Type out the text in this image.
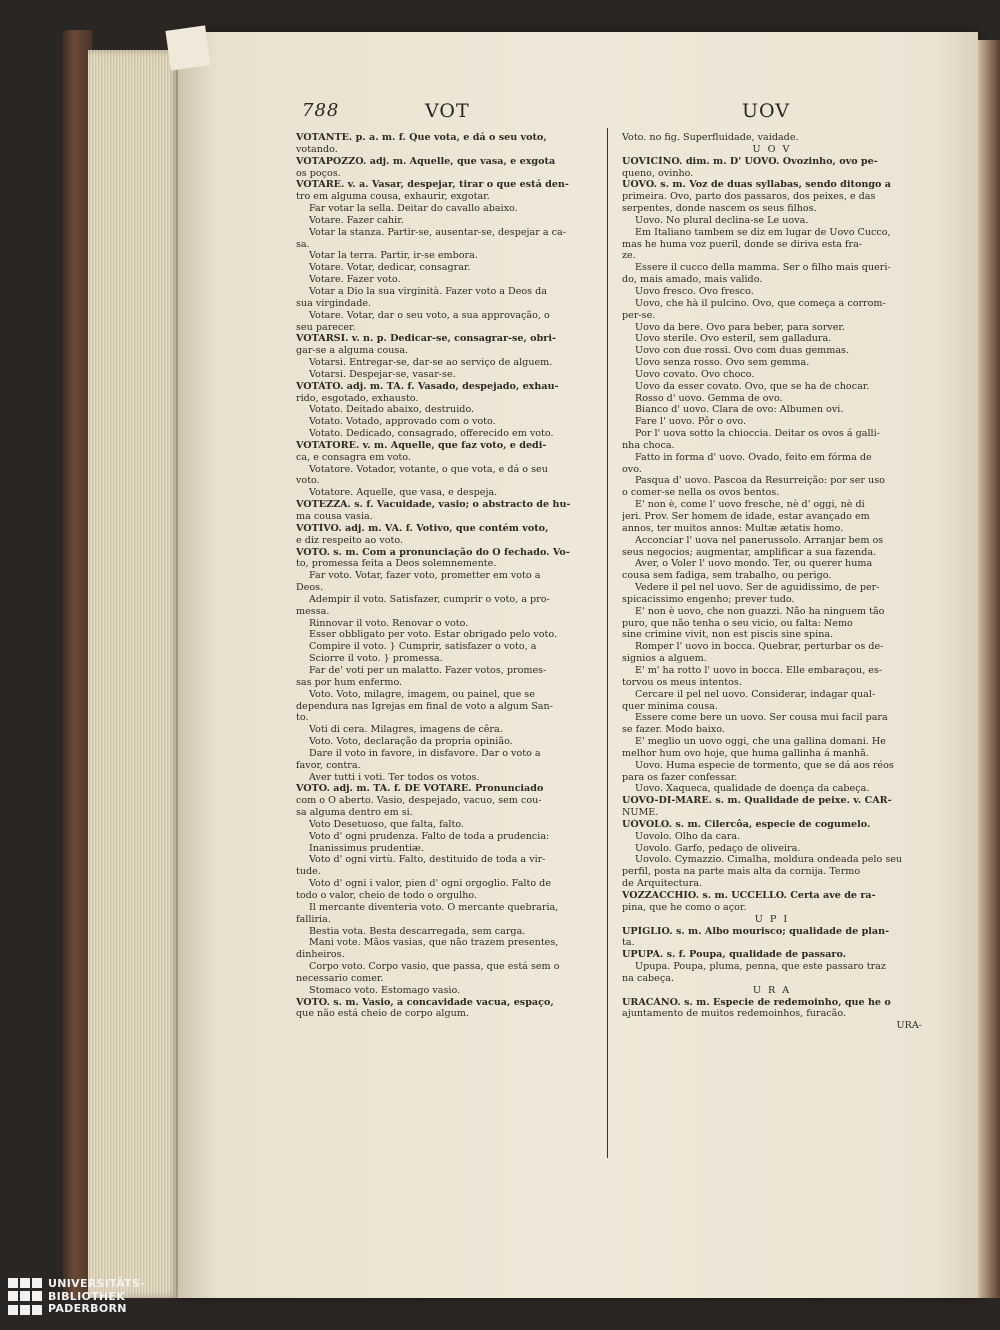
788	VOT	UOV
VOTANTE. p. a. m. f. Que vota, e dá o seu voto,
votando.
VOTAPOZZO. adj. m. Aquelle, que vasa, e exgota
os poços.
VOTARE. v. a. Vasar, despejar, tirar o que está den-
tro em alguma cousa, exhaurir, exgotar.
Far votar la sella. Deitar do cavallo abaixo.
Votare. Fazer cahir.
Votar la stanza. Partir-se, ausentar-se, despejar a ca-
sa.
Votar la terra. Partir, ir-se embora.
Votare. Votar, dedicar, consagrar.
Votare. Fazer voto.
Votar a Dio la sua virginità. Fazer voto a Deos da
sua virgindade.
Votare. Votar, dar o seu voto, a sua approvação, o
seu parecer.
VOTARSI. v. n. p. Dedicar-se, consagrar-se, obri-
gar-se a alguma cousa.
Votarsi. Entregar-se, dar-se ao serviço de alguem.
Votarsi. Despejar-se, vasar-se.
VOTÀTO. adj. m. TA. f. Vasado, despejado, exhau-
rido, esgotado, exhausto.
Votato. Deitado abaixo, destruido.
Votato. Votado, approvado com o voto.
Votato. Dedicado, consagrado, offerecido em voto.
VOTATORE. v. m. Aquelle, que faz voto, e dedi-
ca, e consagra em voto.
Votatore. Votador, votante, o que vota, e dá o seu
voto.
Votatore. Aquelle, que vasa, e despeja.
VOTEZZA. s. f. Vacuidade, vasio; o abstracto de hu-
ma cousa vasia.
VOTÌVO. adj. m. VA. f. Votivo, que contém voto,
e diz respeito ao voto.
VOTO. s. m. Com a pronunciação do O fechado. Vo-
to, promessa feita a Deos solemnemente.
Far voto. Votar, fazer voto, prometter em voto a
Deos.
Adempir il voto. Satisfazer, cumprir o voto, a pro-
messa.
Rinnovar il voto. Renovar o voto.
Esser obbligato per voto. Estar obrigado pelo voto.
Compire il voto. } Cumprir, satisfazer o voto, a
Sciorre il voto. } promessa.
Far de' voti per un malatto. Fazer votos, promes-
sas por hum enfermo.
Voto. Voto, milagre, imagem, ou painel, que se
dependura nas Igrejas em final de voto a algum San-
to.
Voti di cera. Milagres, imagens de cêra.
Voto. Voto, declaração da propria opinião.
Dare il voto in favore, in disfavore. Dar o voto a
favor, contra.
Aver tutti i voti. Ter todos os votos.
VOTO. adj. m. TA. f. DE VOTARE. Pronunciado
com o O aberto. Vasio, despejado, vacuo, sem cou-
sa alguma dentro em si.
Voto Desetuoso, que falta, falto.
Voto d' ogni prudenza. Falto de toda a prudencia:
Inanissimus prudentiæ.
Voto d' ogni virtù. Falto, destituido de toda a vir-
tude.
Voto d' ogni i valor, pien d' ogni orgoglio. Falto de
todo o valor, cheio de todo o orgulho.
Il mercante diventeria voto. O mercante quebraria,
falliria.
Bestia vota. Besta descarregada, sem carga.
Mani vote. Mãos vasias, que não trazem presentes,
dinheiros.
Corpo voto. Corpo vasio, que passa, que está sem o
necessario comer.
Stomaco voto. Estomago vasio.
VOTO. s. m. Vasio, a concavidade vacua, espaço,
que não está cheio de corpo algum.
Voto. no fig. Superfluidade, vaidade.
U O V
UOVICÌNO. dim. m. D' UOVO. Ovozinho, ovo pe-
queno, ovinho.
UOVO. s. m. Voz de duas syllabas, sendo ditongo a
primeira. Ovo, parto dos passaros, dos peixes, e das
serpentes, donde nascem os seus filhos.
Uovo. No plural declina-se Le uova.
Em Italiano tambem se diz em lugar de Uovo Cucco,
mas he huma voz pueril, donde se diriva esta fra-
ze.
Essere il cucco della mamma. Ser o filho mais queri-
do, mais amado, mais valido.
Uovo fresco. Ovo fresco.
Uovo, che hà il pulcino. Ovo, que começa a corrom-
per-se.
Uovo da bere. Ovo para beber, para sorver.
Uovo sterile. Ovo esteril, sem galladura.
Uovo con due rossi. Ovo com duas gemmas.
Uovo senza rosso. Ovo sem gemma.
Uovo covato. Ovo choco.
Uovo da esser covato. Ovo, que se ha de chocar.
Rosso d' uovo. Gemma de ovo.
Bianco d' uovo. Clara de ovo: Albumen ovi.
Fare l' uovo. Pôr o ovo.
Por l' uova sotto la chioccia. Deitar os ovos á galli-
nha choca.
Fatto in forma d' uovo. Ovado, feito em fórma de
ovo.
Pasqua d' uovo. Pascoa da Resurreição: por ser uso
o comer-se nella os ovos bentos.
E' non è, come l' uovo fresche, nè d' oggi, nè di
jeri. Prov. Ser homem de idade, estar avançado em
annos, ter muitos annos: Multæ ætatis homo.
Acconciar l' uova nel panerussolo. Arranjar bem os
seus negocios; augmentar, amplificar a sua fazenda.
Aver, o Voler l' uovo mondo. Ter, ou querer huma
cousa sem fadiga, sem trabalho, ou perigo.
Vedere il pel nel uovo. Ser de aguidissimo, de per-
spicacissimo engenho; prever tudo.
E' non è uovo, che non guazzi. Não ha ninguem tão
puro, que não tenha o seu vicio, ou falta: Nemo
sine crimine vivit, non est piscis sine spina.
Romper l' uovo in bocca. Quebrar, perturbar os de-
signios a alguem.
E' m' ha rotto l' uovo in bocca. Elle embaraçou, es-
torvou os meus intentos.
Cercare il pel nel uovo. Considerar, indagar qual-
quer minima cousa.
Essere come bere un uovo. Ser cousa mui facil para
se fazer. Modo baixo.
E' meglio un uovo oggi, che una gallina domani. He
melhor hum ovo hoje, que huma gallinha á manhã.
Uovo. Huma especie de tormento, que se dá aos réos
para os fazer confessar.
Uovo. Xaqueca, qualidade de doença da cabeça.
UOVO-DI-MARE. s. m. Qualidade de peixe. v. CAR-
NUME.
UÒVOLO. s. m. Cilercôa, especie de cogumelo.
Uovolo. Olho da cara.
Uovolo. Garfo, pedaço de oliveira.
Uovolo. Cymazzio. Cimalha, moldura ondeada pelo seu
perfil, posta na parte mais alta da cornija. Termo
de Arquitectura.
VOZZACCHIO. s. m. UCCELLO. Certa ave de ra-
pina, que he como o açor.
U P I
UPÌGLIO. s. m. Albo mourisco; qualidade de plan-
ta.
UPUPA. s. f. Poupa, qualidade de passaro.
Upupa. Poupa, pluma, penna, que este passaro traz
na cabeça.
U R A
URACÀNO. s. m. Especie de redemoinho, que he o
ajuntamento de muitos redemoinhos, furacão.
URA-
UNIVERSITÄTS-
BIBLIOTHEK
PADERBORN
